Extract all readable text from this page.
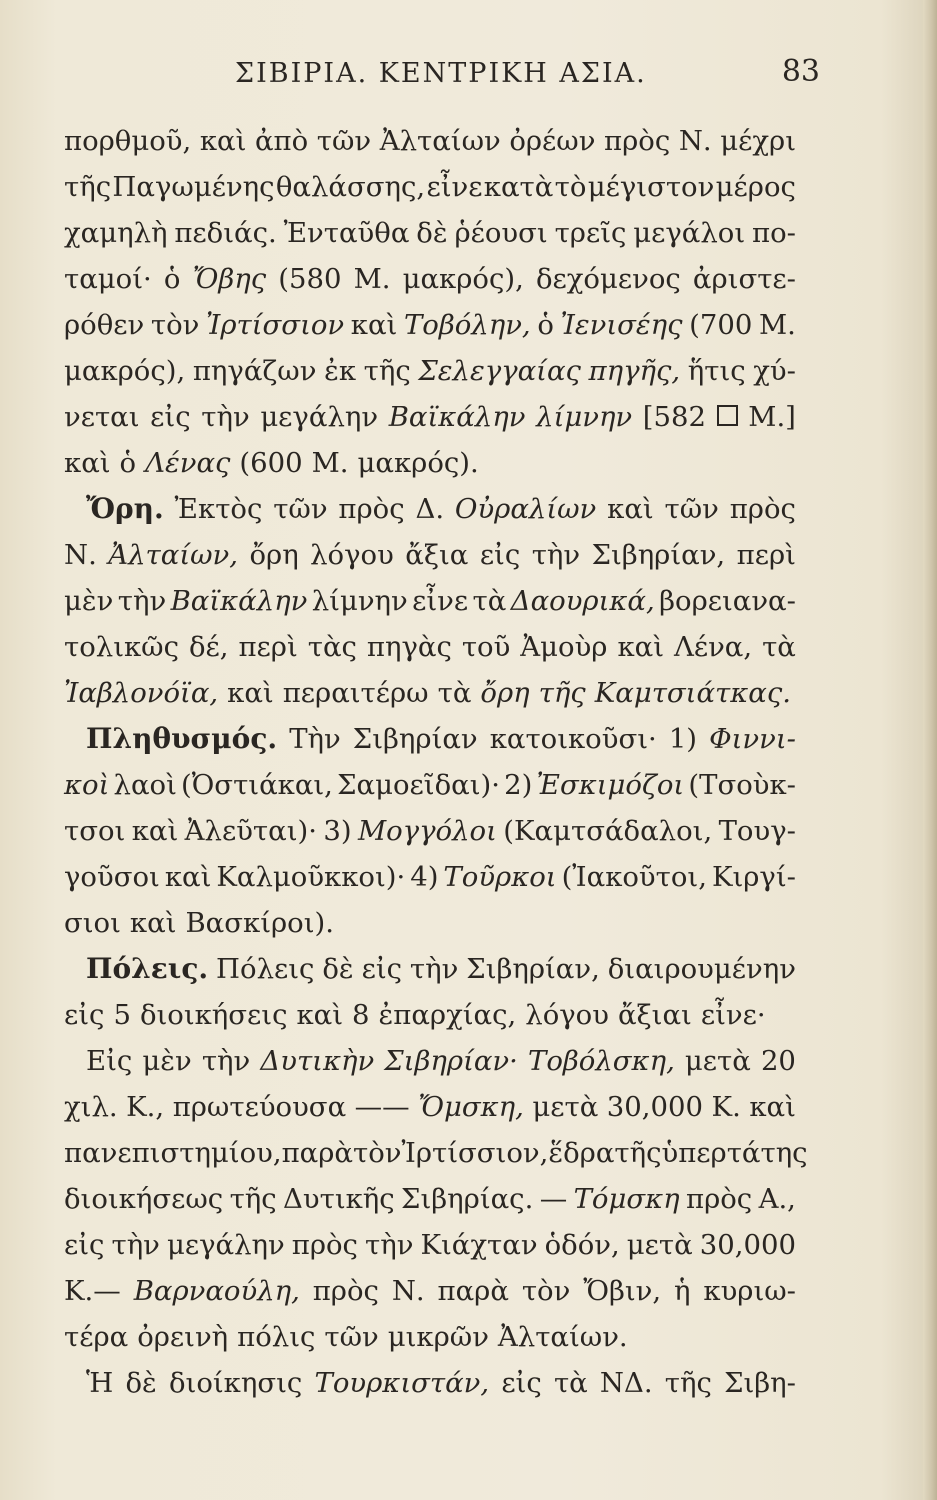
ΣΙΒΙΡΙΑ. ΚΕΝΤΡΙΚΗ ΑΣΙΑ.	83
πορθμοῦ, καὶ ἀπὸ τῶν Ἀλταίων ὀρέων πρὸς Ν. μέχρι
τῆς Παγωμένης θαλάσσης, εἶνε κατὰ τὸ μέγιστον μέρος
χαμηλὴ πεδιάς. Ἐνταῦθα δὲ ῥέουσι τρεῖς μεγάλοι πο-
ταμοί· ὁ Ὄβης (580 Μ. μακρός), δεχόμενος ἀριστε-
ρόθεν τὸν Ἰρτίσσιον καὶ Τοβόλην, ὁ Ἰενισέης (700 Μ.
μακρός), πηγάζων ἐκ τῆς Σελεγγαίας πηγῆς, ἥτις χύ-
νεται εἰς τὴν μεγάλην Βαϊκάλην λίμνην [582 Μ.]
καὶ ὁ Λένας (600 Μ. μακρός).
Ὄρη. Ἐκτὸς τῶν πρὸς Δ. Οὐραλίων καὶ τῶν πρὸς
Ν. Ἀλταίων, ὄρη λόγου ἄξια εἰς τὴν Σιβηρίαν, περὶ
μὲν τὴν Βαϊκάλην λίμνην εἶνε τὰ Δαουρικά, βορειανα-
τολικῶς δέ, περὶ τὰς πηγὰς τοῦ Ἀμοὺρ καὶ Λένα, τὰ
Ἰαβλονόϊα, καὶ περαιτέρω τὰ ὄρη τῆς Καμτσιάτκας.
Πληθυσμός. Τὴν Σιβηρίαν κατοικοῦσι· 1) Φιννι-
κοὶ λαοὶ (Ὀστιάκαι, Σαμοεῖδαι)· 2) Ἐσκιμόζοι (Τσοὺκ-
τσοι καὶ Ἀλεῦται)· 3) Μογγόλοι (Καμτσάδαλοι, Τουγ-
γοῦσοι καὶ Καλμοῦκκοι)· 4) Τοῦρκοι (Ἰακοῦτοι, Κιργί-
σιοι καὶ Βασκίροι).
Πόλεις. Πόλεις δὲ εἰς τὴν Σιβηρίαν, διαιρουμένην
εἰς 5 διοικήσεις καὶ 8 ἐπαρχίας, λόγου ἄξιαι εἶνε·
Εἰς μὲν τὴν Δυτικὴν Σιβηρίαν· Τοβόλσκη, μετὰ 20
χιλ. Κ., πρωτεύουσα —— Ὄμσκη, μετὰ 30,000 Κ. καὶ
πανεπιστημίου, παρὰ τὸν Ἰρτίσσιον, ἕδρα τῆς ὑπερτάτης
διοικήσεως τῆς Δυτικῆς Σιβηρίας. — Τόμσκη πρὸς Α.,
εἰς τὴν μεγάλην πρὸς τὴν Κιάχταν ὁδόν, μετὰ 30,000
Κ.— Βαρναούλη, πρὸς Ν. παρὰ τὸν Ὄβιν, ἡ κυριω-
τέρα ὀρεινὴ πόλις τῶν μικρῶν Ἀλταίων.
Ἡ δὲ διοίκησις Τουρκιστάν, εἰς τὰ ΝΔ. τῆς Σιβη-
